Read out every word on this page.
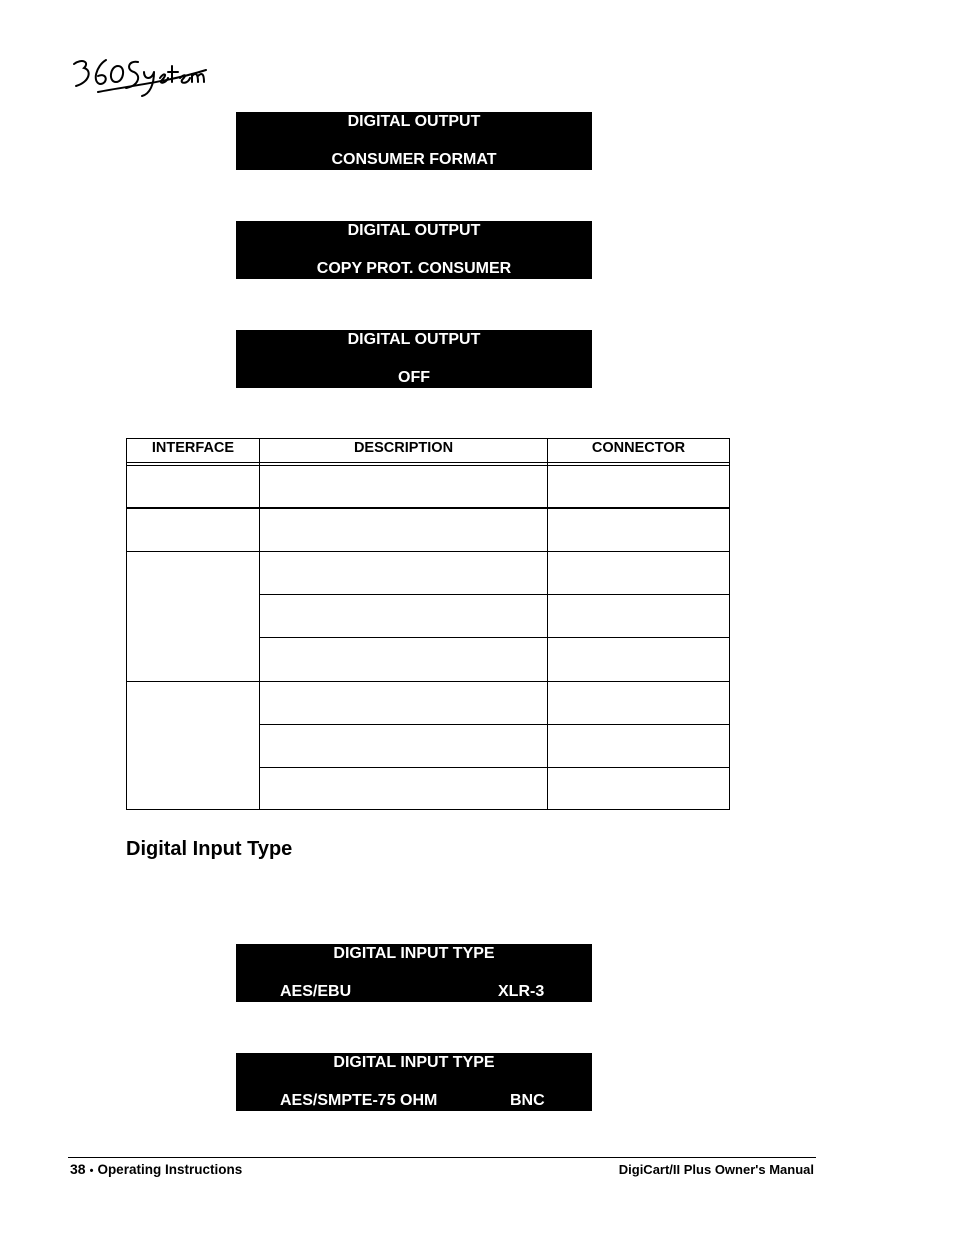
DIGITAL OUTPUT
CONSUMER FORMAT
DIGITAL OUTPUT
COPY PROT. CONSUMER
DIGITAL OUTPUT
OFF
INTERFACE	DESCRIPTION	CONNECTOR
Digital Input Type
DIGITAL INPUT TYPE
AES/EBU	XLR-3
DIGITAL INPUT TYPE
AES/SMPTE-75 OHM	BNC
38 • Operating Instructions	DigiCart/II Plus Owner's Manual
